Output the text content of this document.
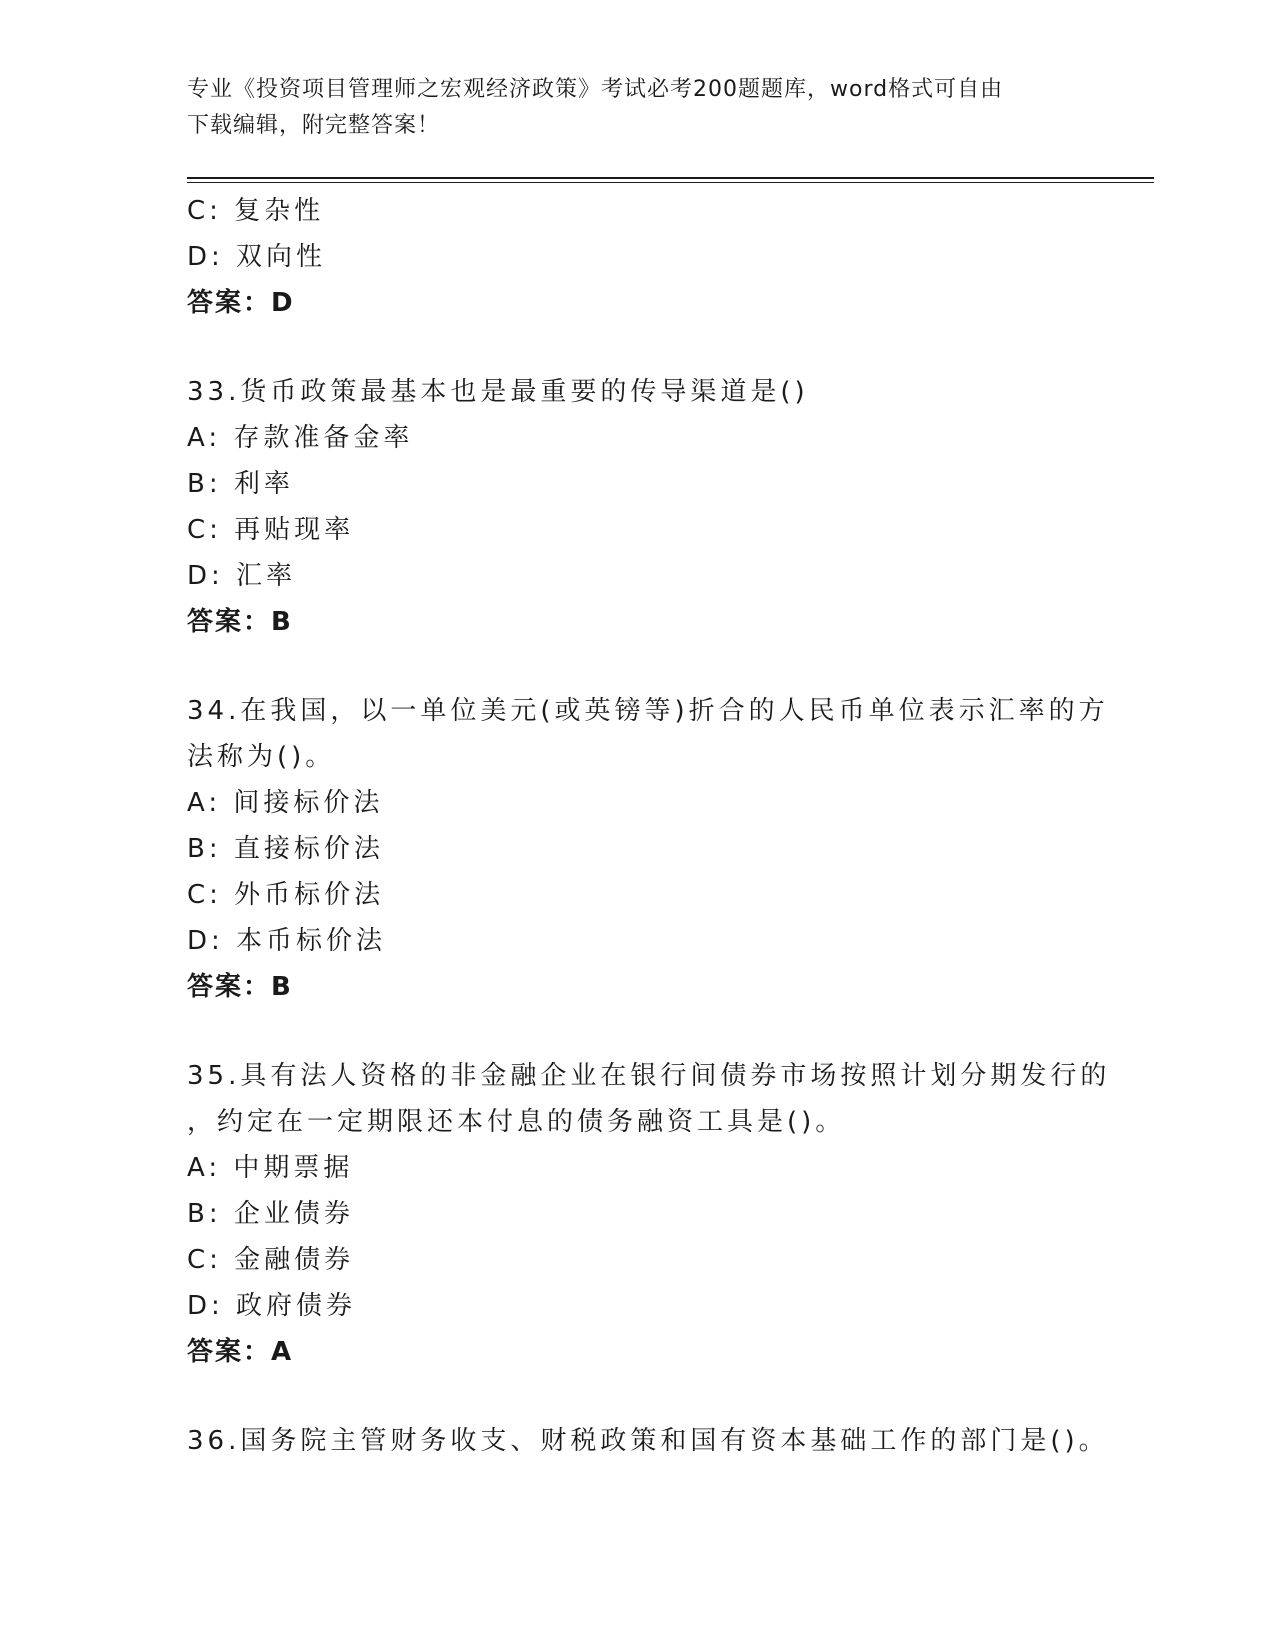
专业《投资项目管理师之宏观经济政策》考试必考200题题库，word格式可自由
下载编辑，附完整答案！
C: 复杂性
D: 双向性
答案：D
33.货币政策最基本也是最重要的传导渠道是()
A: 存款准备金率
B: 利率
C: 再贴现率
D: 汇率
答案：B
34.在我国，以一单位美元(或英镑等)折合的人民币单位表示汇率的方
法称为()。
A: 间接标价法
B: 直接标价法
C: 外币标价法
D: 本币标价法
答案：B
35.具有法人资格的非金融企业在银行间债券市场按照计划分期发行的
，约定在一定期限还本付息的债务融资工具是()。
A: 中期票据
B: 企业债券
C: 金融债券
D: 政府债券
答案：A
36.国务院主管财务收支、财税政策和国有资本基础工作的部门是()。
